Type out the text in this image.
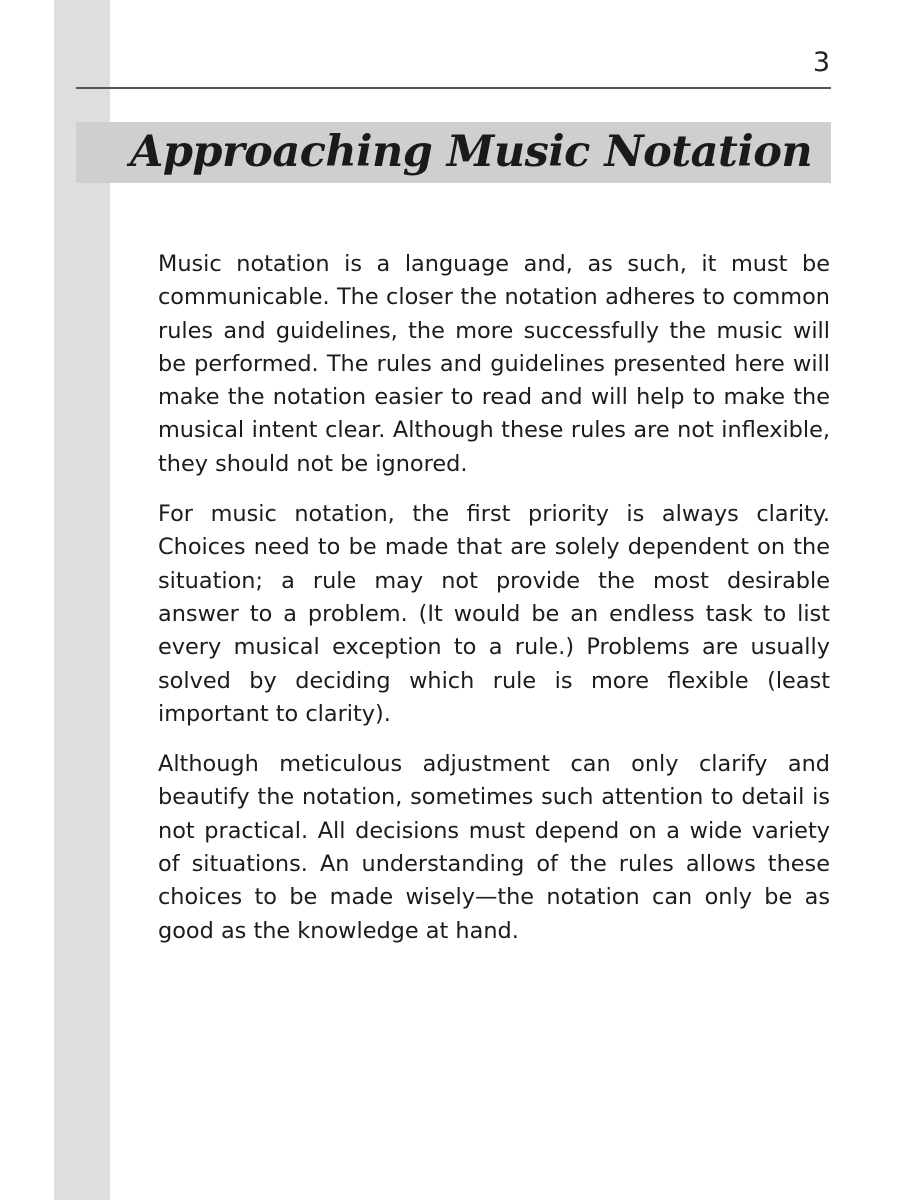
3
Approaching Music Notation

Music notation is a language and, as such, it must be communicable. The closer the notation adheres to common rules and guidelines, the more successfully the music will be performed. The rules and guidelines presented here will make the notation easier to read and will help to make the musical intent clear. Although these rules are not inflexible, they should not be ignored.

For music notation, the first priority is always clarity. Choices need to be made that are solely dependent on the situation; a rule may not provide the most desirable answer to a problem. (It would be an endless task to list every musical exception to a rule.) Problems are usually solved by deciding which rule is more flexible (least important to clarity).

Although meticulous adjustment can only clarify and beautify the notation, sometimes such attention to detail is not practical. All decisions must depend on a wide variety of situations. An understanding of the rules allows these choices to be made wisely—the notation can only be as good as the knowledge at hand.
